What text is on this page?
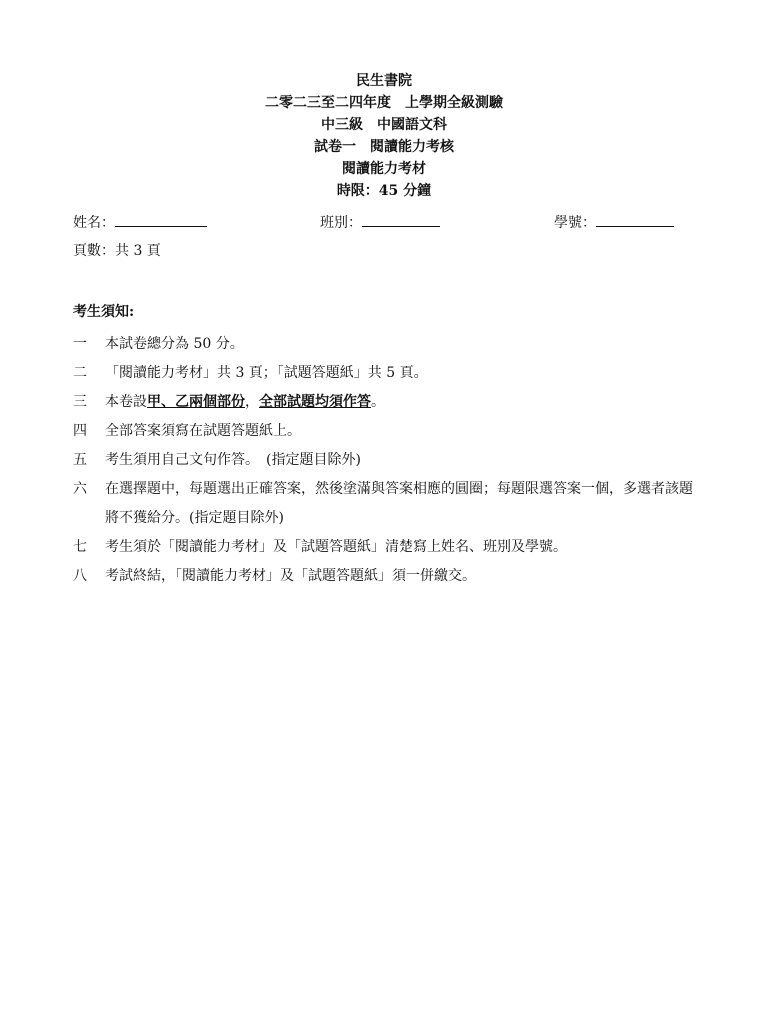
民生書院
二零二三至二四年度　上學期全級測驗
中三級　中國語文科
試卷一　閱讀能力考核
閱讀能力考材
時限：45 分鐘
姓名：	班別：	學號：
頁數：共 3 頁
考生須知:
一	本試卷總分為 50 分。
二	「閱讀能力考材」共 3 頁；「試題答題紙」共 5 頁。
三	本卷設甲、乙兩個部份，全部試題均須作答。
四	全部答案須寫在試題答題紙上。
五	考生須用自己文句作答。　(指定題目除外)
六	在選擇題中，每題選出正確答案，然後塗滿與答案相應的圓圈；每題限選答案一個，多選者該題將不獲給分。(指定題目除外)
七	考生須於「閱讀能力考材」及「試題答題紙」清楚寫上姓名、班別及學號。
八	考試終結，「閱讀能力考材」及「試題答題紙」須一併繳交。
